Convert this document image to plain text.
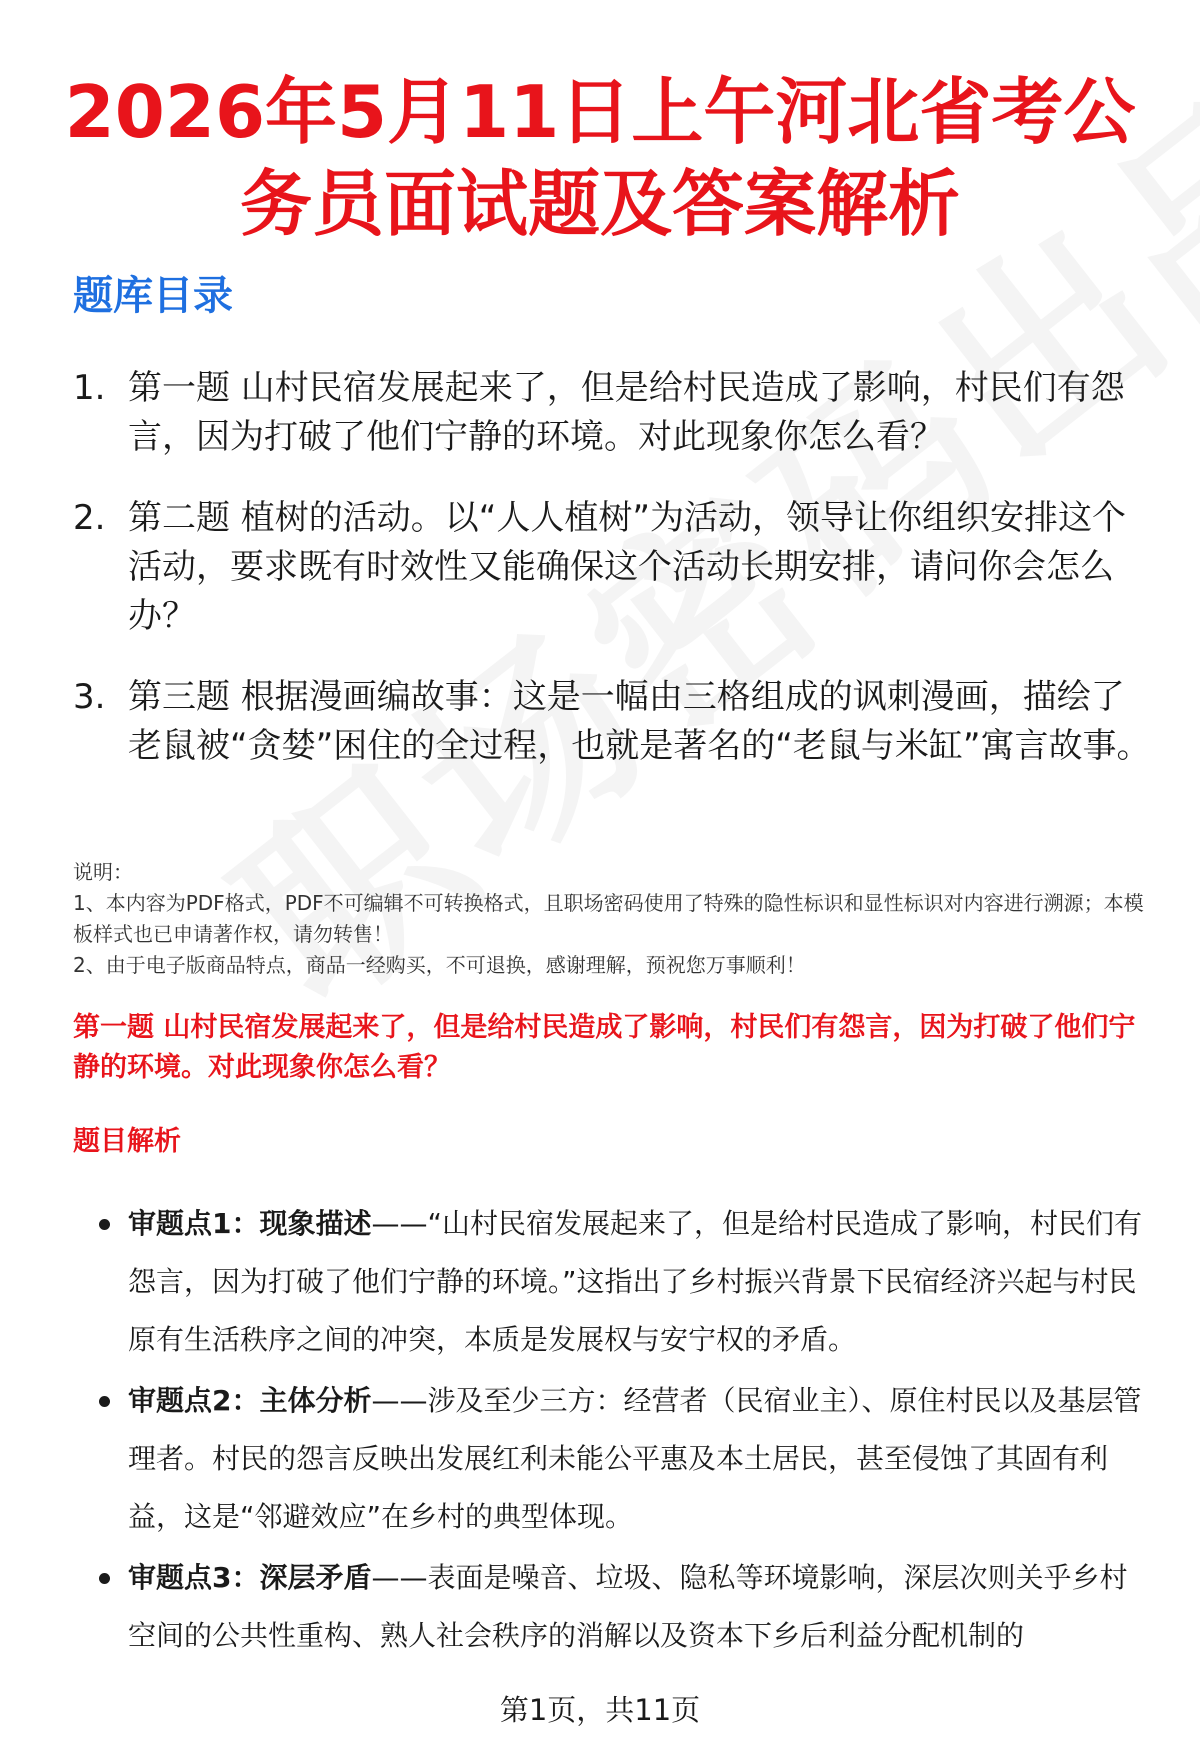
2026年5月11日上午河北省考公务员面试题及答案解析
题库目录
1. 第一题 山村民宿发展起来了，但是给村民造成了影响，村民们有怨言，因为打破了他们宁静的环境。对此现象你怎么看？
2. 第二题 植树的活动。以“人人植树”为活动，领导让你组织安排这个活动，要求既有时效性又能确保这个活动长期安排，请问你会怎么办？
3. 第三题 根据漫画编故事：这是一幅由三格组成的讽刺漫画，描绘了老鼠被“贪婪”困住的全过程，也就是著名的“老鼠与米缸”寓言故事。

说明：

1、本内容为PDF格式，PDF不可编辑不可转换格式，且职场密码使用了特殊的隐性标识和显性标识对内容进行溯源；本模板样式也已申请著作权，请勿转售！

2、由于电子版商品特点，商品一经购买，不可退换，感谢理解，预祝您万事顺利！

第一题 山村民宿发展起来了，但是给村民造成了影响，村民们有怨言，因为打破了他们宁静的环境。对此现象你怎么看？
题目解析
审题点1：现象描述——“山村民宿发展起来了，但是给村民造成了影响，村民们有怨言，因为打破了他们宁静的环境。”这指出了乡村振兴背景下民宿经济兴起与村民原有生活秩序之间的冲突，本质是发展权与安宁权的矛盾。
审题点2：主体分析——涉及至少三方：经营者（民宿业主）、原住村民以及基层管理者。村民的怨言反映出发展红利未能公平惠及本土居民，甚至侵蚀了其固有利益，这是“邻避效应”在乡村的典型体现。
审题点3：深层矛盾——表面是噪音、垃圾、隐私等环境影响，深层次则关乎乡村空间的公共性重构、熟人社会秩序的消解以及资本下乡后利益分配机制的
第1页，共11页
